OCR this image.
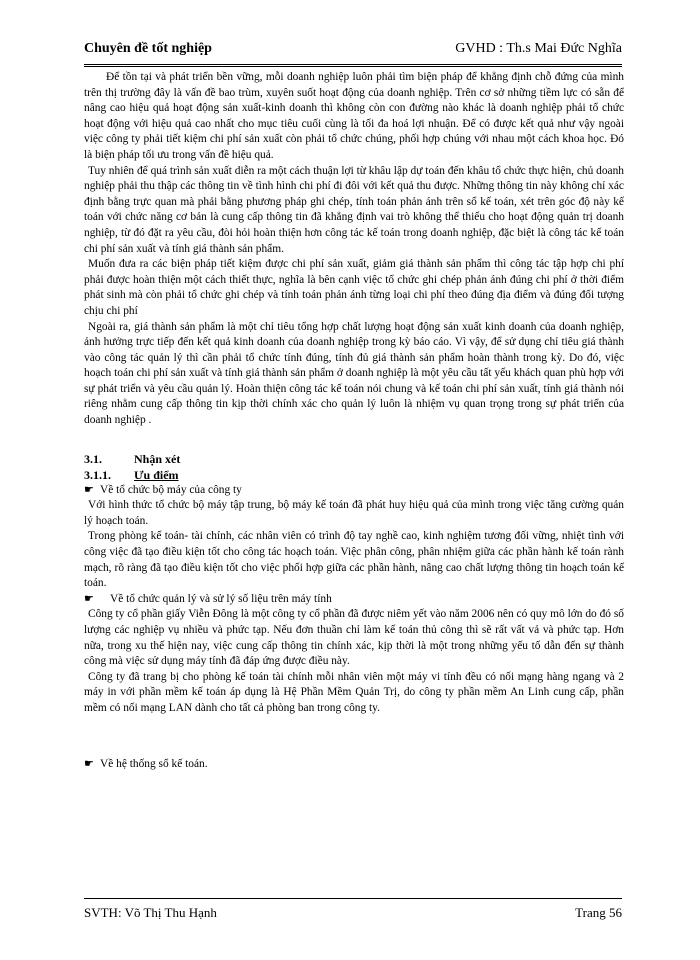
Chuyên đề tốt nghiệp	GVHD : Th.s Mai Đức Nghĩa

Để tồn tại và phát triển bền vững, mỗi doanh nghiệp luôn phải tìm biện pháp để khẳng định chỗ đứng của mình trên thị trường đây là vấn đề bao trùm, xuyên suốt hoạt động của doanh nghiệp. Trên cơ sở những tiềm lực có sẵn để nâng cao hiệu quả hoạt động sản xuất-kinh doanh thì không còn con đường nào khác là doanh nghiệp phải tổ chức hoạt động với hiệu quả cao nhất cho mục tiêu cuối cùng là tối đa hoá lợi nhuận. Để có được kết quả như vậy ngoài việc công ty phải tiết kiệm chi phí sản xuất còn phải tổ chức chúng, phối hợp chúng với nhau một cách khoa học. Đó là biện pháp tối ưu trong vấn đề hiệu quả.

Tuy nhiên để quá trình sản xuất diễn ra một cách thuận lợi từ khâu lập dự toán đến khâu tổ chức thực hiện, chủ doanh nghiệp phải thu thập các thông tin về tình hình chi phí đi đôi với kết quả thu được. Những thông tin này không chỉ xác định bằng trực quan mà phải bằng phương pháp ghi chép, tính toán phản ánh trên sổ kế toán, xét trên góc độ này kế toán với chức năng cơ bản là cung cấp thông tin đã khẳng định vai trò không thể thiếu cho hoạt động quản trị doanh nghiệp, từ đó đặt ra yêu cầu, đòi hỏi hoàn thiện hơn công tác kế toán trong doanh nghiệp, đặc biệt là công tác kế toán chi phí sản xuất và tính giá thành sản phẩm.

Muốn đưa ra các biện pháp tiết kiệm được chi phí sản xuất, giảm giá thành sản phẩm thì công tác tập hợp chi phí phải được hoàn thiện một cách thiết thực, nghĩa là bên cạnh việc tổ chức ghi chép phản ánh đúng chi phí ở thời điểm phát sinh mà còn phải tổ chức ghi chép và tính toán phản ánh từng loại chi phí theo đúng địa điểm và đúng đối tượng chịu chi phí

Ngoài ra, giá thành sản phẩm là một chỉ tiêu tổng hợp chất lượng hoạt động sản xuất kinh doanh của doanh nghiệp, ảnh hưởng trực tiếp đến kết quả kinh doanh của doanh nghiệp trong kỳ báo cáo. Vì vậy, để sử dụng chỉ tiêu giá thành vào công tác quản lý thì cần phải tổ chức tính đúng, tính đủ giá thành sản phẩm hoàn thành trong kỳ. Do đó, việc hoạch toán chi phí sản xuất và tính giá thành sản phẩm ở doanh nghiệp là một yêu cầu tất yếu khách quan phù hợp với sự phát triển và yêu cầu quản lý. Hoàn thiện công tác kế toán nói chung và kế toán chi phí sản xuất, tính giá thành nói riêng nhằm cung cấp thông tin kịp thời chính xác cho quản lý luôn là nhiệm vụ quan trọng trong sự phát triển của doanh nghiệp .

3.1.	Nhận xét

3.1.1. Ưu điểm

☛ Về tổ chức bộ máy của công ty

Với hình thức tổ chức bộ máy tập trung, bộ máy kế toán đã phát huy hiệu quả của mình trong việc tăng cường quản lý hoạch toán.

Trong phòng kế toán- tài chính, các nhân viên có trình độ tay nghề cao, kinh nghiệm tương đối vững, nhiệt tình với công việc đã tạo điều kiện tốt cho công tác hoạch toán. Việc phân công, phân nhiệm giữa các phần hành kế toán rành mạch, rõ ràng đã tạo điều kiện tốt cho việc phối hợp giữa các phần hành, nâng cao chất lượng thông tin hoạch toán kế toán.

☛ Về tổ chức quản lý và sử lý số liệu trên máy tính

Công ty cổ phần giấy Viễn Đông là một công ty cổ phần đã được niêm yết vào năm 2006 nên có quy mô lớn do đó số lượng các nghiệp vụ nhiều và phức tạp. Nếu đơn thuần chỉ làm kế toán thủ công thì sẽ rất vất vả và phức tạp. Hơn nữa, trong xu thế hiện nay, việc cung cấp thông tin chính xác, kịp thời là một trong những yếu tố dẫn đến sự thành công mà việc sử dụng máy tính đã đáp ứng được điều này.

Công ty đã trang bị cho phòng kế toán tài chính mỗi nhân viên một máy vi tính đều có nối mạng hàng ngang và 2 máy in với phần mềm kế toán áp dụng là Hệ Phần Mềm Quản Trị, do công ty phần mềm An Linh cung cấp, phần mềm có nối mạng LAN dành cho tất cả phòng ban trong công ty.

☛ Về hệ thống sổ kế toán.

SVTH: Võ Thị Thu Hạnh	Trang 56
